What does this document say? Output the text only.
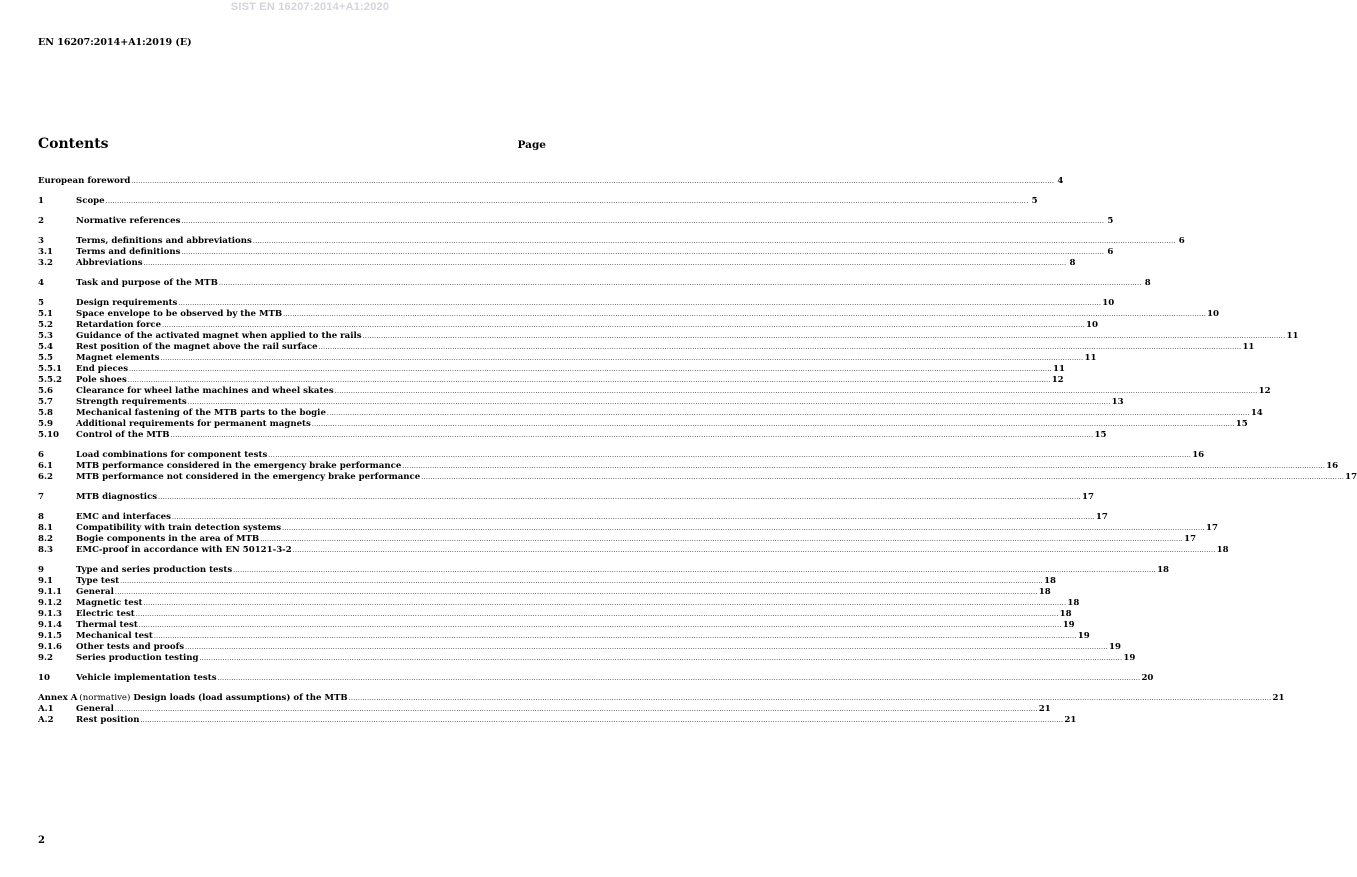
SIST EN 16207:2014+A1:2020
EN 16207:2014+A1:2019 (E)
Contents	Page
European foreword ................................................................................................................................................................................................................................................................................................................................................................................................................ 4
1	Scope ................................................................................................................................................................................................................................................................................................................................................................................................................ 5
2	Normative references ................................................................................................................................................................................................................................................................................................................................................................................................................ 5
3	Terms, definitions and abbreviations ................................................................................................................................................................................................................................................................................................................................................................................................................ 6
3.1	Terms and definitions ................................................................................................................................................................................................................................................................................................................................................................................................................ 6
3.2	Abbreviations ................................................................................................................................................................................................................................................................................................................................................................................................................ 8
4	Task and purpose of the MTB ................................................................................................................................................................................................................................................................................................................................................................................................................ 8
5	Design requirements ................................................................................................................................................................................................................................................................................................................................................................................................................ 10
5.1	Space envelope to be observed by the MTB ................................................................................................................................................................................................................................................................................................................................................................................................................ 10
5.2	Retardation force ................................................................................................................................................................................................................................................................................................................................................................................................................ 10
5.3	Guidance of the activated magnet when applied to the rails ................................................................................................................................................................................................................................................................................................................................................................................................................ 11
5.4	Rest position of the magnet above the rail surface ................................................................................................................................................................................................................................................................................................................................................................................................................ 11
5.5	Magnet elements ................................................................................................................................................................................................................................................................................................................................................................................................................ 11
5.5.1	End pieces ................................................................................................................................................................................................................................................................................................................................................................................................................ 11
5.5.2	Pole shoes ................................................................................................................................................................................................................................................................................................................................................................................................................ 12
5.6	Clearance for wheel lathe machines and wheel skates ................................................................................................................................................................................................................................................................................................................................................................................................................ 12
5.7	Strength requirements ................................................................................................................................................................................................................................................................................................................................................................................................................ 13
5.8	Mechanical fastening of the MTB parts to the bogie ................................................................................................................................................................................................................................................................................................................................................................................................................ 14
5.9	Additional requirements for permanent magnets ................................................................................................................................................................................................................................................................................................................................................................................................................ 15
5.10	Control of the MTB ................................................................................................................................................................................................................................................................................................................................................................................................................ 15
6	Load combinations for component tests ................................................................................................................................................................................................................................................................................................................................................................................................................ 16
6.1	MTB performance considered in the emergency brake performance ................................................................................................................................................................................................................................................................................................................................................................................................................ 16
6.2	MTB performance not considered in the emergency brake performance ................................................................................................................................................................................................................................................................................................................................................................................................................ 17
7	MTB diagnostics ................................................................................................................................................................................................................................................................................................................................................................................................................ 17
8	EMC and interfaces ................................................................................................................................................................................................................................................................................................................................................................................................................ 17
8.1	Compatibility with train detection systems ................................................................................................................................................................................................................................................................................................................................................................................................................ 17
8.2	Bogie components in the area of MTB ................................................................................................................................................................................................................................................................................................................................................................................................................ 17
8.3	EMC-proof in accordance with EN 50121-3-2 ................................................................................................................................................................................................................................................................................................................................................................................................................ 18
9	Type and series production tests ................................................................................................................................................................................................................................................................................................................................................................................................................ 18
9.1	Type test ................................................................................................................................................................................................................................................................................................................................................................................................................ 18
9.1.1	General ................................................................................................................................................................................................................................................................................................................................................................................................................ 18
9.1.2	Magnetic test ................................................................................................................................................................................................................................................................................................................................................................................................................ 18
9.1.3	Electric test ................................................................................................................................................................................................................................................................................................................................................................................................................ 18
9.1.4	Thermal test ................................................................................................................................................................................................................................................................................................................................................................................................................ 19
9.1.5	Mechanical test ................................................................................................................................................................................................................................................................................................................................................................................................................ 19
9.1.6	Other tests and proofs ................................................................................................................................................................................................................................................................................................................................................................................................................ 19
9.2	Series production testing ................................................................................................................................................................................................................................................................................................................................................................................................................ 19
10	Vehicle implementation tests ................................................................................................................................................................................................................................................................................................................................................................................................................ 20
Annex A (normative) Design loads (load assumptions) of the MTB ................................................................................................................................................................................................................................................................................................................................................................................................................ 21
A.1	General ................................................................................................................................................................................................................................................................................................................................................................................................................ 21
A.2	Rest position ................................................................................................................................................................................................................................................................................................................................................................................................................ 21
2
